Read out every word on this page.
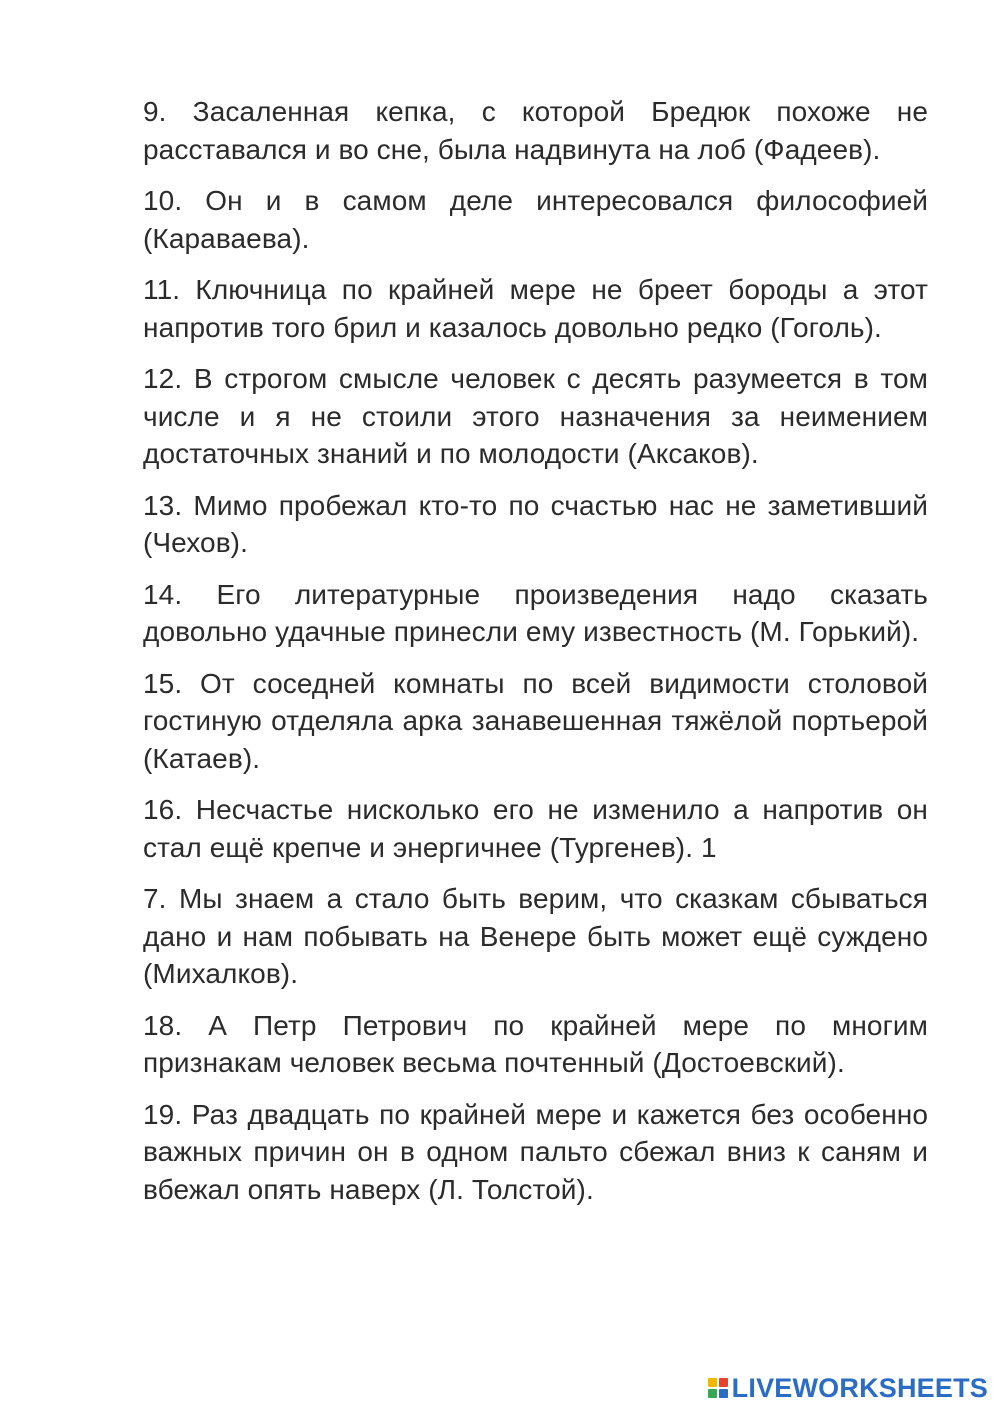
9. Засаленная кепка, с которой Бредюк похоже не расставался и во сне, была надвинута на лоб (Фадеев).

10. Он и в самом деле интересовался философией (Караваева).

11. Ключница по крайней мере не бреет бороды а этот напротив того брил и казалось довольно редко (Гоголь).

12. В строгом смысле человек с десять разумеется в том числе и я не стоили этого назначения за неимением достаточных знаний и по молодости (Аксаков).

13. Мимо пробежал кто-то по счастью нас не заметивший (Чехов).

14. Его литературные произведения надо сказать довольно удачные принесли ему известность (М. Горький).

15. От соседней комнаты по всей видимости столовой гостиную отделяла арка занавешенная тяжёлой портьерой (Катаев).

16. Несчастье нисколько его не изменило а напротив он стал ещё крепче и энергичнее (Тургенев). 1

7. Мы знаем а стало быть верим, что сказкам сбываться дано и нам побывать на Венере быть может ещё суждено (Михалков).

18. А Петр Петрович по крайней мере по многим признакам человек весьма почтенный (Достоевский).

19. Раз двадцать по крайней мере и кажется без особенно важных причин он в одном пальто сбежал вниз к саням и вбежал опять наверх (Л. Толстой).

LIVEWORKSHEETS
